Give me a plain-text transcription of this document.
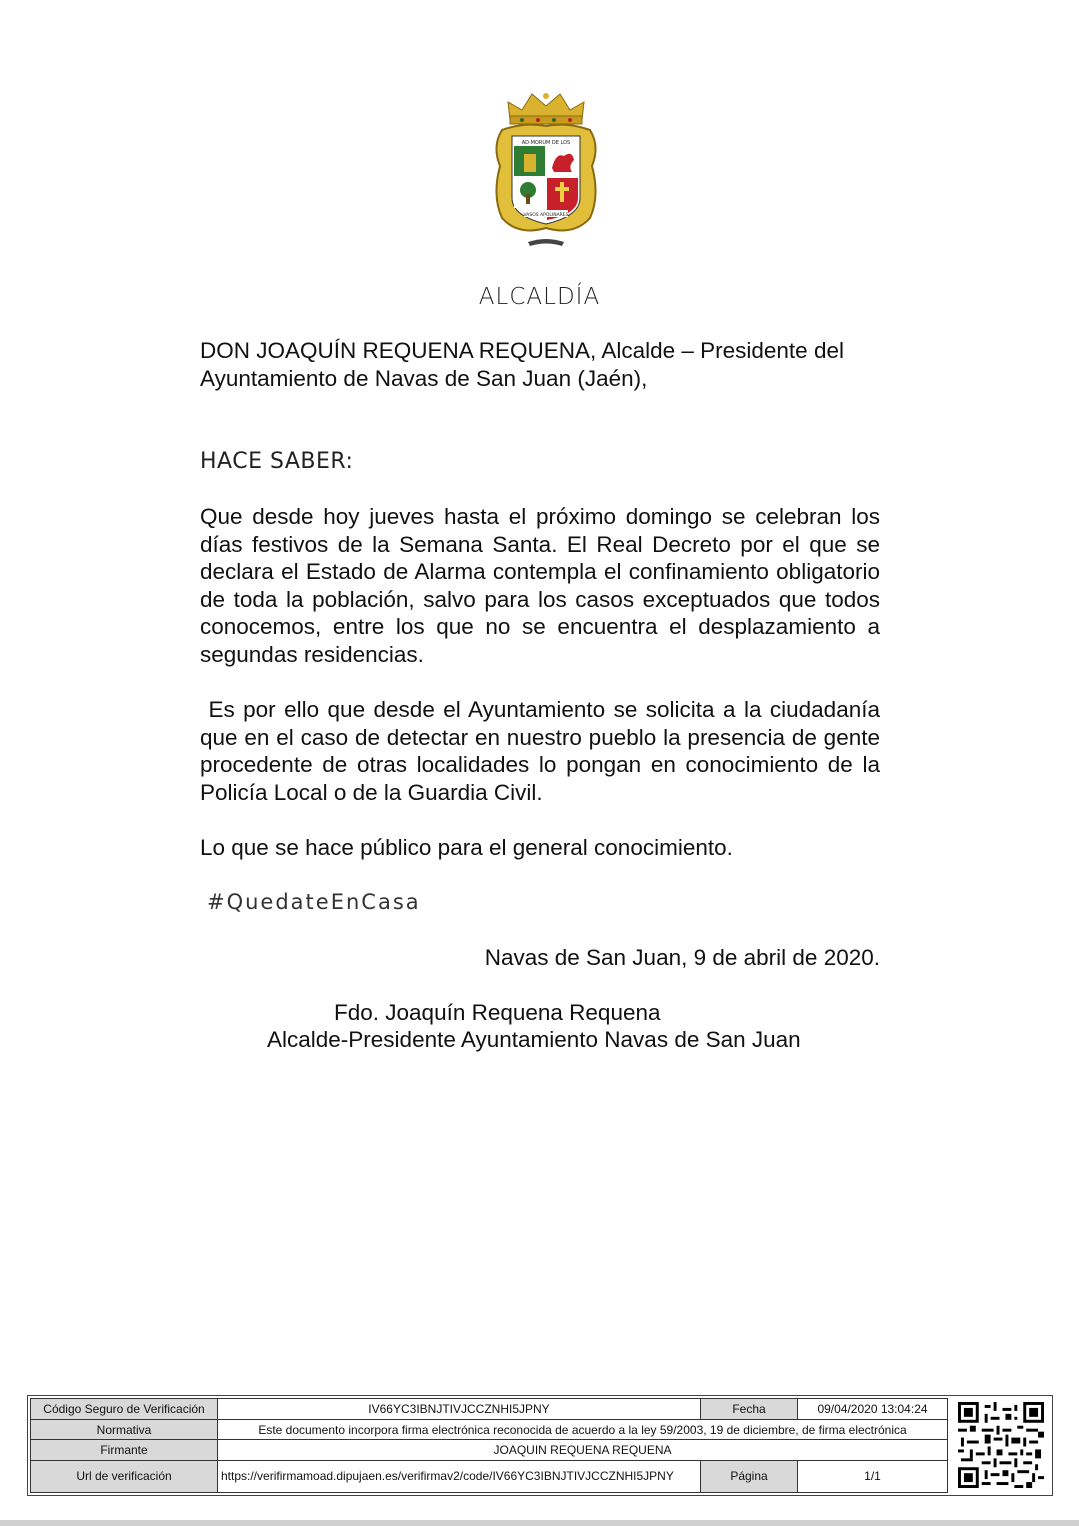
AD·MORUM DE LOS
VASOS APOLINARES
ALCALDÍA
DON JOAQUÍN REQUENA REQUENA, Alcalde – Presidente del Ayuntamiento de Navas de San Juan (Jaén),
HACE SABER:
Que desde hoy jueves hasta el próximo domingo se celebran los días festivos de la Semana Santa. El Real Decreto por el que se declara el Estado de Alarma contempla el confinamiento obligatorio de toda la población, salvo para los casos exceptuados que todos conocemos, entre los que no se encuentra el desplazamiento a segundas residencias.
Es por ello que desde el Ayuntamiento se solicita a la ciudadanía que en el caso de detectar en nuestro pueblo la presencia de gente procedente de otras localidades lo pongan en conocimiento de la Policía Local o de la Guardia Civil.
Lo que se hace público para el general conocimiento.
#QuedateEnCasa
Navas de San Juan, 9 de abril de 2020.
Fdo. Joaquín Requena Requena
Alcalde-Presidente Ayuntamiento Navas de San Juan
Código Seguro de Verificación	IV66YC3IBNJTIVJCCZNHI5JPNY	Fecha	09/04/2020 13:04:24
Normativa	Este documento incorpora firma electrónica reconocida de acuerdo a la ley 59/2003, 19 de diciembre, de firma electrónica		
Firmante	JOAQUIN REQUENA REQUENA		
Url de verificación	https://verifirmamoad.dipujaen.es/verifirmav2/code/IV66YC3IBNJTIVJCCZNHI5JPNY	Página	1/1
